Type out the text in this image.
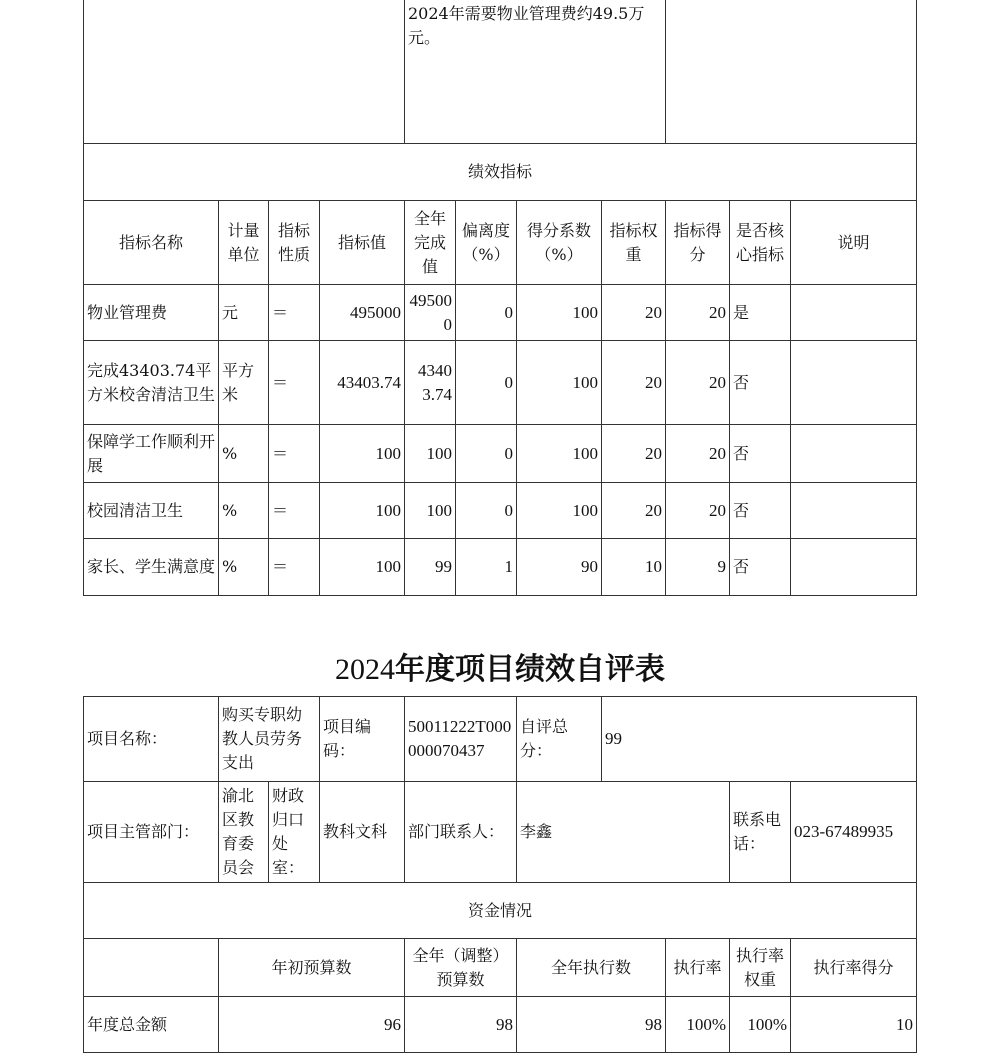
				2024年需要物业管理费约49.5万元。						
绩效指标										
指标名称	计量单位	指标性质	指标值	全年完成值	偏离度（%）	得分系数（%）	指标权重	指标得分	是否核心指标	说明
物业管理费	元	＝	495000	495000	0	100	20	20	是	
完成43403.74平方米校舍清洁卫生	平方米	＝	43403.74	43403.74	0	100	20	20	否	
保障学工作顺利开展	%	＝	100	100	0	100	20	20	否	
校园清洁卫生	%	＝	100	100	0	100	20	20	否	
家长、学生满意度	%	＝	100	99	1	90	10	9	否	
2024年度项目绩效自评表
项目名称：	购买专职幼教人员劳务支出		项目编码：	50011222T000000070437	自评总分：	99			
项目主管部门：	渝北区教育委员会	财政归口处室：	教科文科	部门联系人：	李鑫			联系电话：	023-67489935
资金情况									
	年初预算数			全年（调整）预算数	全年执行数		执行率	执行率权重	执行率得分
年度总金额	96			98	98		100%	100%	10
